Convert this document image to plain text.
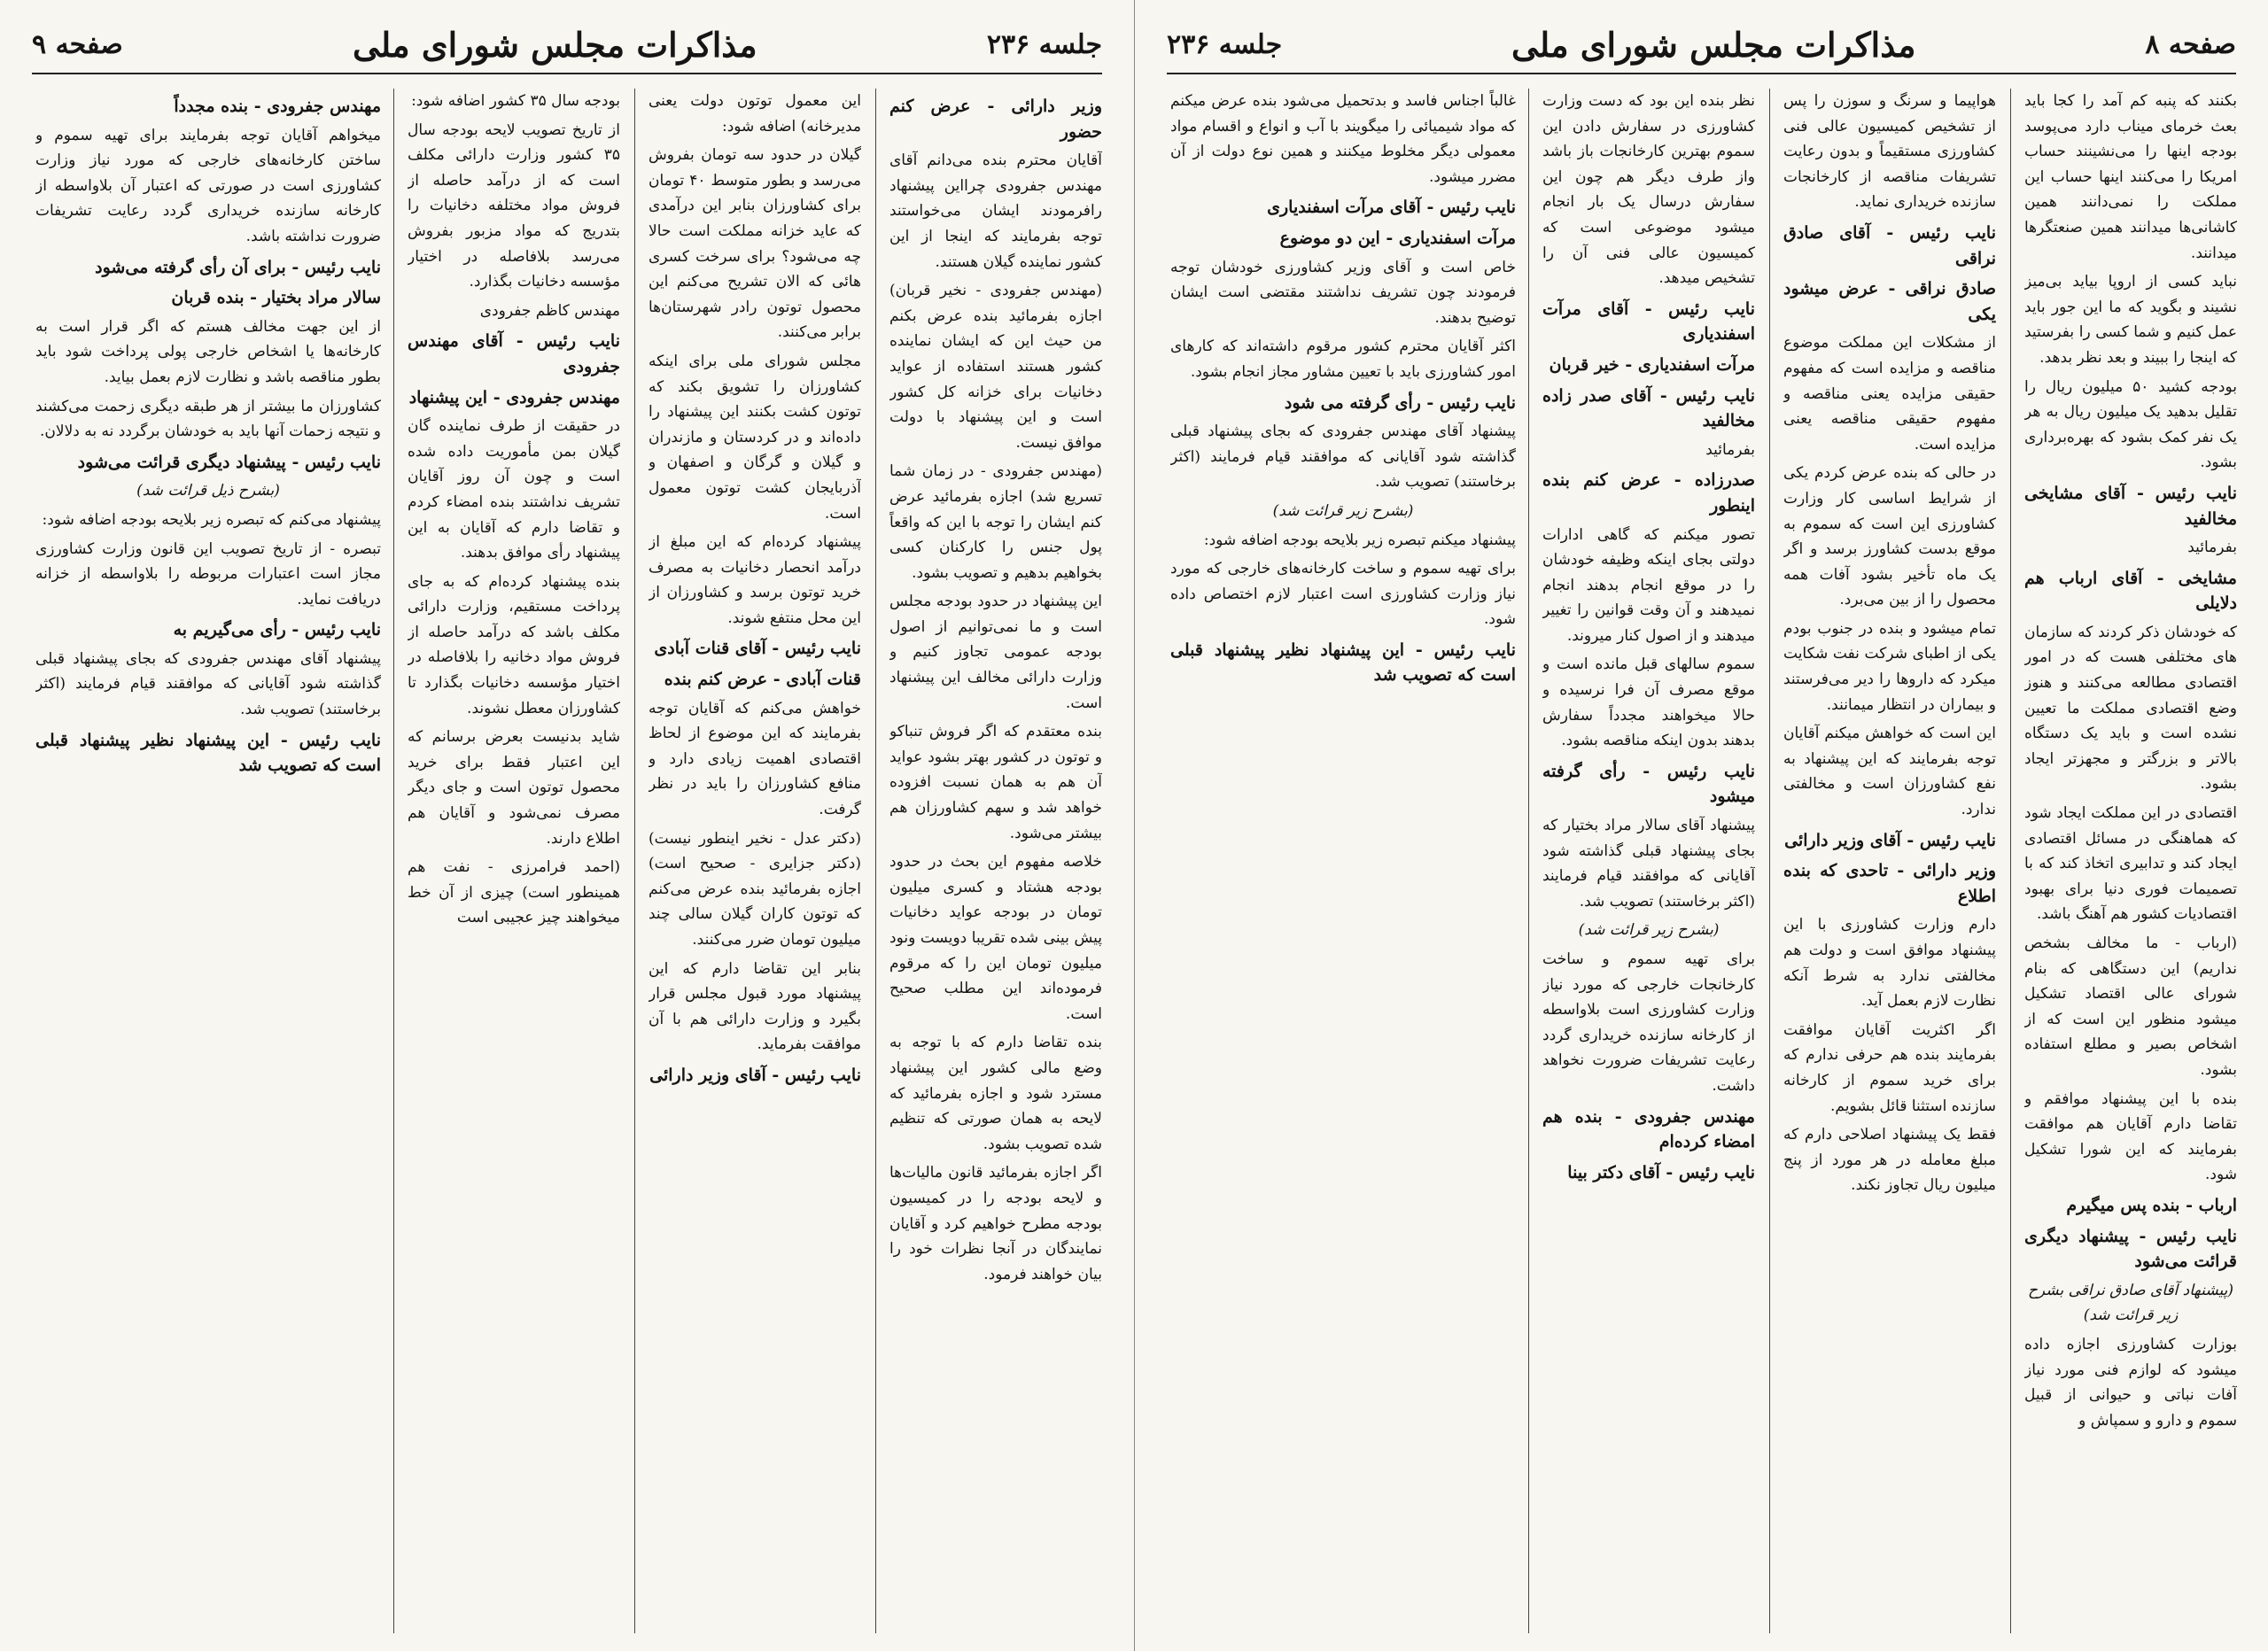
جلسه ۲۳۶
مذاکرات مجلس شورای ملی
صفحه ۹

وزیر دارائی - عرض کنم حضور

آقایان محترم بنده می‌دانم آقای مهندس جفرودی چرااین پیشنهاد رافرمودند ایشان می‌خواستند توجه بفرمایند که اینجا از این کشور نماینده گیلان هستند.

(مهندس جفرودی - نخیر قربان) اجازه بفرمائید بنده عرض بکنم من حیث این که ایشان نماینده کشور هستند استفاده از عواید دخانیات برای خزانه کل کشور است و این پیشنهاد با دولت موافق نیست.

(مهندس جفرودی - در زمان شما تسریع شد) اجازه بفرمائید عرض کنم ایشان را توجه با این که واقعاً پول جنس را کارکنان کسی بخواهیم بدهیم و تصویب بشود.

این پیشنهاد در حدود بودجه مجلس است و ما نمی‌توانیم از اصول بودجه عمومی تجاوز کنیم و وزارت دارائی مخالف این پیشنهاد است.

بنده معتقدم که اگر فروش تنباکو و توتون در کشور بهتر بشود عواید آن هم به همان نسبت افزوده خواهد شد و سهم کشاورزان هم بیشتر می‌شود.

خلاصه مفهوم این بحث در حدود بودجه هشتاد و کسری میلیون تومان در بودجه عواید دخانیات پیش بینی شده تقریبا دویست ونود میلیون تومان این را که مرقوم فرموده‌اند این مطلب صحیح است.

بنده تقاضا دارم که با توجه به وضع مالی کشور این پیشنهاد مسترد شود و اجازه بفرمائید که لایحه به همان صورتی که تنظیم شده تصویب بشود.

اگر اجازه بفرمائید قانون مالیات‌ها و لایحه بودجه را در کمیسیون بودجه مطرح خواهیم کرد و آقایان نمایندگان در آنجا نظرات خود را بیان خواهند فرمود.

این معمول توتون دولت یعنی مدیرخانه) اضافه شود:

گیلان در حدود سه تومان بفروش می‌رسد و بطور متوسط ۴۰ تومان برای کشاورزان بنابر این درآمدی که عاید خزانه مملکت است حالا چه می‌شود؟ برای سرخت کسری هائی که الان تشریح می‌کنم این محصول توتون رادر شهرستان‌ها برابر می‌کنند.

مجلس شورای ملی برای اینکه کشاورزان را تشویق بکند که توتون کشت بکنند این پیشنهاد را داده‌اند و در کردستان و مازندران و گیلان و گرگان و اصفهان و آذربایجان کشت توتون معمول است.

پیشنهاد کرده‌ام که این مبلغ از درآمد انحصار دخانیات به مصرف خرید توتون برسد و کشاورزان از این محل منتفع شوند.

نایب رئیس - آقای قنات آبادی

قنات آبادی - عرض کنم بنده

خواهش می‌کنم که آقایان توجه بفرمایند که این موضوع از لحاظ اقتصادی اهمیت زیادی دارد و منافع کشاورزان را باید در نظر گرفت.

(دکتر عدل - نخیر اینطور نیست) (دکتر جزایری - صحیح است) اجازه بفرمائید بنده عرض می‌کنم که توتون کاران گیلان سالی چند میلیون تومان ضرر می‌کنند.

بنابر این تقاضا دارم که این پیشنهاد مورد قبول مجلس قرار بگیرد و وزارت دارائی هم با آن موافقت بفرماید.

نایب رئیس - آقای وزیر دارائی

بودجه سال ۳۵ کشور اضافه شود:

از تاریخ تصویب لایحه بودجه سال ۳۵ کشور وزارت دارائی مکلف است که از درآمد حاصله از فروش مواد مختلفه دخانیات را بتدریج که مواد مزبور بفروش می‌رسد بلافاصله در اختیار مؤسسه دخانیات بگذارد.

مهندس کاظم جفرودی

نایب رئیس - آقای مهندس جفرودی

مهندس جفرودی - این پیشنهاد

در حقیقت از طرف نماینده گان گیلان بمن مأموریت داده شده است و چون آن روز آقایان تشریف نداشتند بنده امضاء کردم و تقاضا دارم که آقایان به این پیشنهاد رأی موافق بدهند.

بنده پیشنهاد کرده‌ام که به جای پرداخت مستقیم، وزارت دارائی مکلف باشد که درآمد حاصله از فروش مواد دخانیه را بلافاصله در اختیار مؤسسه دخانیات بگذارد تا کشاورزان معطل نشوند.

شاید بدنیست بعرض برسانم که این اعتبار فقط برای خرید محصول توتون است و جای دیگر مصرف نمی‌شود و آقایان هم اطلاع دارند.

(احمد فرامرزی - نفت هم همینطور است) چیزی از آن خط میخواهند چیز عجیبی است

مهندس جفرودی - بنده مجدداً

میخواهم آقایان توجه بفرمایند برای تهیه سموم و ساختن کارخانه‌های خارجی که مورد نیاز وزارت کشاورزی است در صورتی که اعتبار آن بلاواسطه از کارخانه سازنده خریداری گردد رعایت تشریفات ضرورت نداشته باشد.

نایب رئیس - برای آن رأی گرفته می‌شود

سالار مراد بختیار - بنده قربان

از این جهت مخالف هستم که اگر قرار است به کارخانه‌ها یا اشخاص خارجی پولی پرداخت شود باید بطور مناقصه باشد و نظارت لازم بعمل بیاید.

کشاورزان ما بیشتر از هر طبقه دیگری زحمت می‌کشند و نتیجه زحمات آنها باید به خودشان برگردد نه به دلالان.

نایب رئیس - پیشنهاد دیگری قرائت می‌شود

(بشرح ذیل قرائت شد)

پیشنهاد می‌کنم که تبصره زیر بلایحه بودجه اضافه شود:

تبصره - از تاریخ تصویب این قانون وزارت کشاورزی مجاز است اعتبارات مربوطه را بلاواسطه از خزانه دریافت نماید.

نایب رئیس - رأی می‌گیریم به

پیشنهاد آقای مهندس جفرودی که بجای پیشنهاد قبلی گذاشته شود آقایانی که موافقند قیام فرمایند (اکثر برخاستند) تصویب شد.

نایب رئیس - این پیشنهاد نظیر پیشنهاد قبلی است که تصویب شد

صفحه ۸
مذاکرات مجلس شورای ملی
جلسه ۲۳۶

بکنند که پنبه کم آمد را کجا باید بعث خرمای میناب دارد می‌پوسد بودجه اینها را می‌نشینند حساب امریکا را می‌کنند اینها حساب این مملکت را نمی‌دانند همین کاشانی‌ها میدانند همین صنعتگرها میدانند.

نباید کسی از اروپا بیاید بی‌میز نشیند و بگوید که ما این جور باید عمل کنیم و شما کسی را بفرستید که اینجا را ببیند و بعد نظر بدهد.

بودجه کشید ۵۰ میلیون ریال را تقلیل بدهید یک میلیون ریال به هر یک نفر کمک بشود که بهره‌برداری بشود.

نایب رئیس - آقای مشایخی مخالفید

بفرمائید

مشایخی - آقای ارباب هم دلایلی

که خودشان ذکر کردند که سازمان های مختلفی هست که در امور اقتصادی مطالعه می‌کنند و هنوز وضع اقتصادی مملکت ما تعیین نشده است و باید یک دستگاه بالاتر و بزرگتر و مجهزتر ایجاد بشود.

اقتصادی در این مملکت ایجاد شود که هماهنگی در مسائل اقتصادی ایجاد کند و تدابیری اتخاذ کند که با تصمیمات فوری دنیا برای بهبود اقتصادیات کشور هم آهنگ باشد.

(ارباب - ما مخالف بشخص نداریم) این دستگاهی که بنام شورای عالی اقتصاد تشکیل میشود منظور این است که از اشخاص بصیر و مطلع استفاده بشود.

بنده با این پیشنهاد موافقم و تقاضا دارم آقایان هم موافقت بفرمایند که این شورا تشکیل شود.

ارباب - بنده پس میگیرم

نایب رئیس - پیشنهاد دیگری قرائت می‌شود

(پیشنهاد آقای صادق نراقی بشرح زیر قرائت شد)

بوزارت کشاورزی اجازه داده میشود که لوازم فنی مورد نیاز آفات نباتی و حیوانی از قبیل سموم و دارو و سمپاش و

هواپیما و سرنگ و سوزن را پس از تشخیص کمیسیون عالی فنی کشاورزی مستقیماً و بدون رعایت تشریفات مناقصه از کارخانجات سازنده خریداری نماید.

نایب رئیس - آقای صادق نراقی

صادق نراقی - عرض میشود یکی

از مشکلات این مملکت موضوع مناقصه و مزایده است که مفهوم حقیقی مزایده یعنی مناقصه و مفهوم حقیقی مناقصه یعنی مزایده است.

در حالی که بنده عرض کردم یکی از شرایط اساسی کار وزارت کشاورزی این است که سموم به موقع بدست کشاورز برسد و اگر یک ماه تأخیر بشود آفات همه محصول را از بین می‌برد.

تمام میشود و بنده در جنوب بودم یکی از اطبای شرکت نفت شکایت میکرد که داروها را دیر می‌فرستند و بیماران در انتظار میمانند.

این است که خواهش میکنم آقایان توجه بفرمایند که این پیشنهاد به نفع کشاورزان است و مخالفتی ندارد.

نایب رئیس - آقای وزیر دارائی

وزیر دارائی - تاحدی که بنده اطلاع

دارم وزارت کشاورزی با این پیشنهاد موافق است و دولت هم مخالفتی ندارد به شرط آنکه نظارت لازم بعمل آید.

اگر اکثریت آقایان موافقت بفرمایند بنده هم حرفی ندارم که برای خرید سموم از کارخانه سازنده استثنا قائل بشویم.

فقط یک پیشنهاد اصلاحی دارم که مبلغ معامله در هر مورد از پنج میلیون ریال تجاوز نکند.

نظر بنده این بود که دست وزارت کشاورزی در سفارش دادن این سموم بهترین کارخانجات باز باشد واز طرف دیگر هم چون این سفارش درسال یک بار انجام میشود موضوعی است که کمیسیون عالی فنی آن را تشخیص میدهد.

نایب رئیس - آقای مرآت اسفندیاری

مرآت اسفندیاری - خیر قربان

نایب رئیس - آقای صدر زاده مخالفید

بفرمائید

صدرزاده - عرض کنم بنده اینطور

تصور میکنم که گاهی ادارات دولتی بجای اینکه وظیفه خودشان را در موقع انجام بدهند انجام نمیدهند و آن وقت قوانین را تغییر میدهند و از اصول کنار میروند.

سموم سالهای قبل مانده است و موقع مصرف آن فرا نرسیده و حالا میخواهند مجدداً سفارش بدهند بدون اینکه مناقصه بشود.

نایب رئیس - رأی گرفته میشود

پیشنهاد آقای سالار مراد بختیار که بجای پیشنهاد قبلی گذاشته شود آقایانی که موافقند قیام فرمایند (اکثر برخاستند) تصویب شد.

(بشرح زیر قرائت شد)

برای تهیه سموم و ساخت کارخانجات خارجی که مورد نیاز وزارت کشاورزی است بلاواسطه از کارخانه سازنده خریداری گردد رعایت تشریفات ضرورت نخواهد داشت.

مهندس جفرودی - بنده هم امضاء کرده‌ام

نایب رئیس - آقای دکتر بینا

غالباً اجناس فاسد و بدتحمیل می‌شود بنده عرض میکنم که مواد شیمیائی را میگویند با آب و انواع و اقسام مواد معمولی دیگر مخلوط میکنند و همین نوع دولت از آن مضرر میشود.

نایب رئیس - آقای مرآت اسفندیاری

مرآت اسفندیاری - این دو موضوع

خاص است و آقای وزیر کشاورزی خودشان توجه فرمودند چون تشریف نداشتند مقتضی است ایشان توضیح بدهند.

اکثر آقایان محترم کشور مرقوم داشته‌اند که کارهای امور کشاورزی باید با تعیین مشاور مجاز انجام بشود.

نایب رئیس - رأی گرفته می شود

پیشنهاد آقای مهندس جفرودی که بجای پیشنهاد قبلی گذاشته شود آقایانی که موافقند قیام فرمایند (اکثر برخاستند) تصویب شد.

(بشرح زیر قرائت شد)

پیشنهاد میکنم تبصره زیر بلایحه بودجه اضافه شود:

برای تهیه سموم و ساخت کارخانه‌های خارجی که مورد نیاز وزارت کشاورزی است اعتبار لازم اختصاص داده شود.

نایب رئیس - این پیشنهاد نظیر پیشنهاد قبلی است که تصویب شد
